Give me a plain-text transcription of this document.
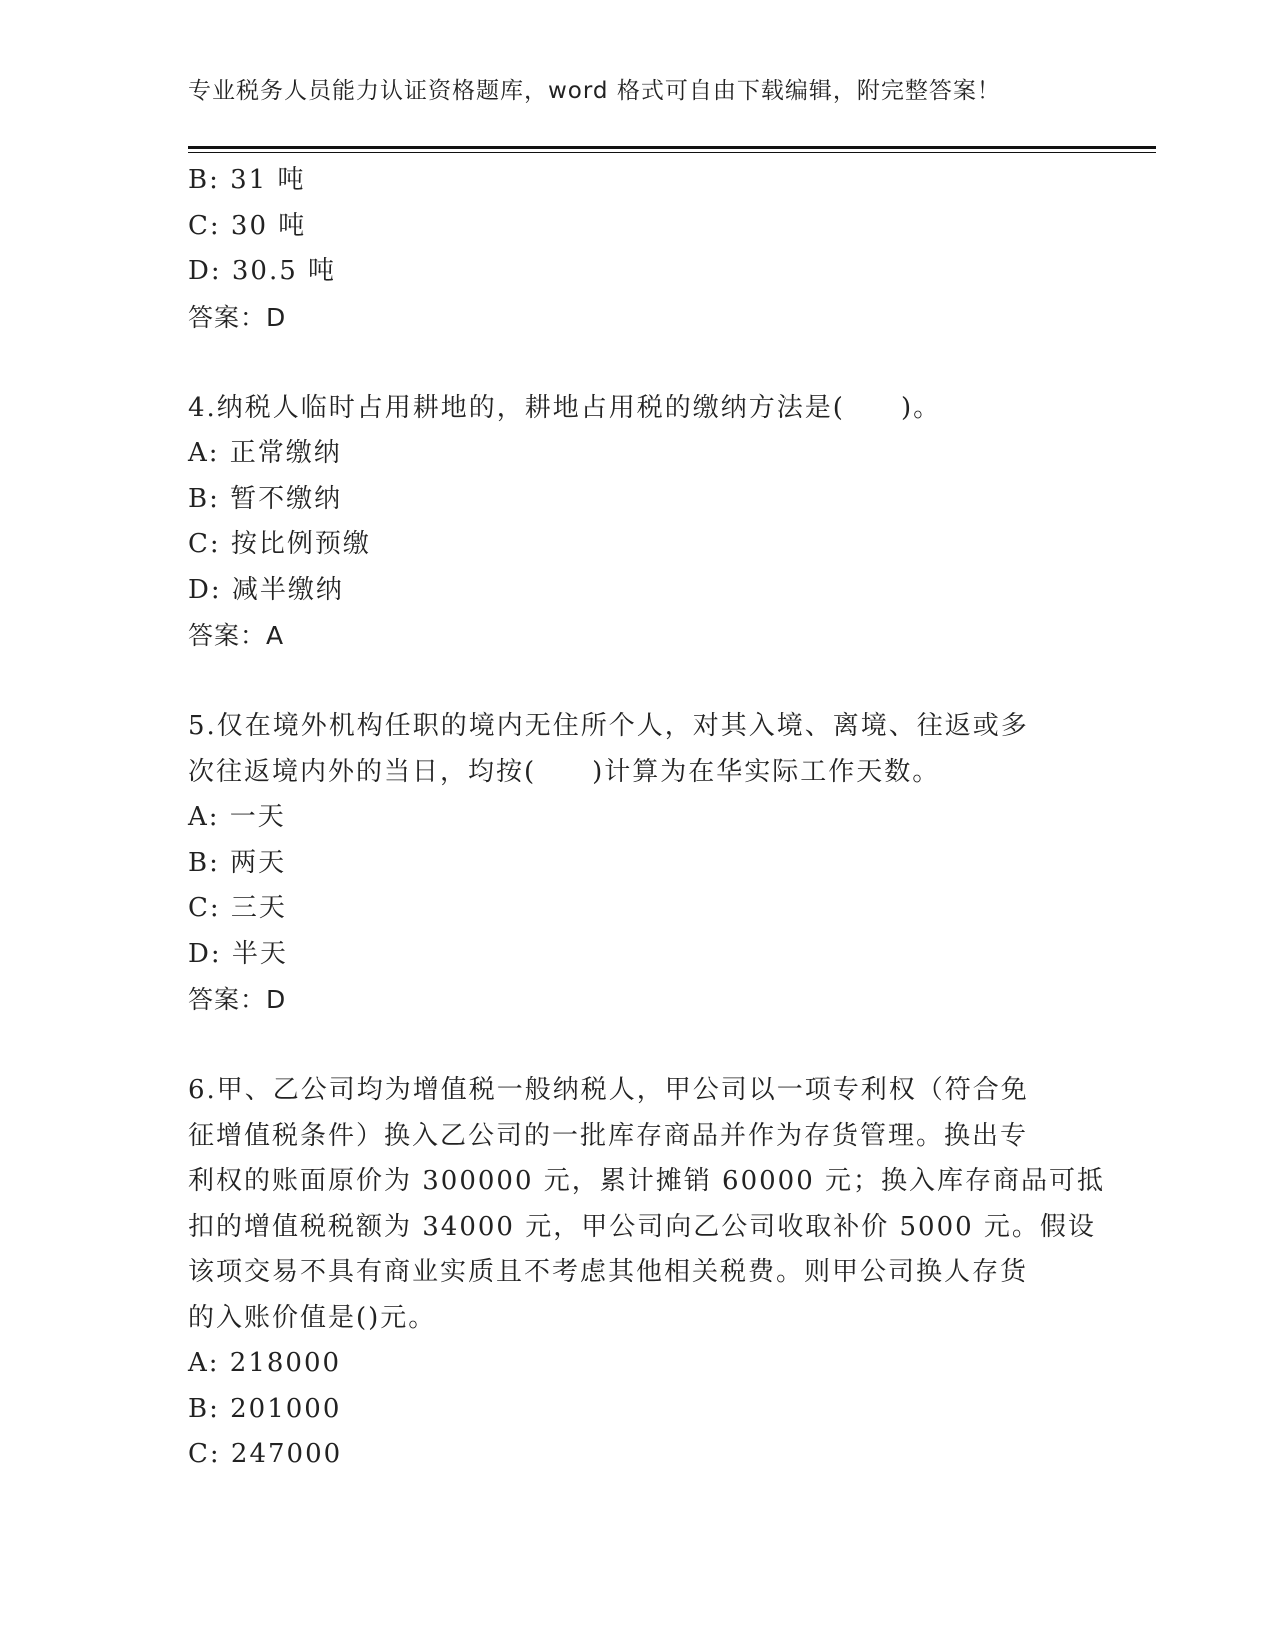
专业税务人员能力认证资格题库，word 格式可自由下载编辑，附完整答案！
B: 31 吨
C: 30 吨
D: 30.5 吨
答案：D
4.纳税人临时占用耕地的，耕地占用税的缴纳方法是(　　)。
A: 正常缴纳
B: 暂不缴纳
C: 按比例预缴
D: 减半缴纳
答案：A
5.仅在境外机构任职的境内无住所个人，对其入境、离境、往返或多
次往返境内外的当日，均按(　　)计算为在华实际工作天数。
A: 一天
B: 两天
C: 三天
D: 半天
答案：D
6.甲、乙公司均为增值税一般纳税人，甲公司以一项专利权（符合免
征增值税条件）换入乙公司的一批库存商品并作为存货管理。换出专
利权的账面原价为 300000 元，累计摊销 60000 元；换入库存商品可抵
扣的增值税税额为 34000 元，甲公司向乙公司收取补价 5000 元。假设
该项交易不具有商业实质且不考虑其他相关税费。则甲公司换人存货
的入账价值是()元。
A: 218000
B: 201000
C: 247000
